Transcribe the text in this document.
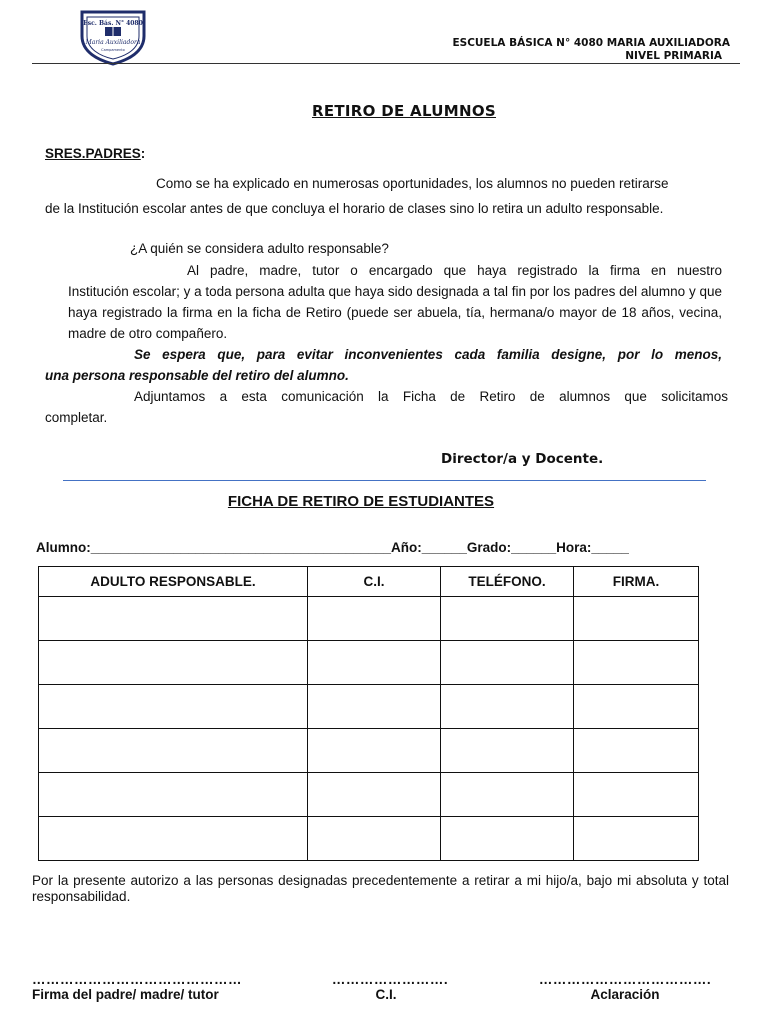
Esc. Bás. N° 4080
Maria Auxiliadora
Campamento
ESCUELA BÁSICA N° 4080 MARIA AUXILIADORA
NIVEL PRIMARIA
RETIRO DE ALUMNOS
SRES.PADRES:
Como se ha explicado en numerosas oportunidades, los alumnos no pueden retirarse
de la Institución escolar antes de que concluya el horario de clases sino lo retira un adulto responsable.
¿A quién se considera adulto responsable?
Al padre, madre, tutor o encargado que haya registrado la firma en nuestro
Institución escolar; y a toda persona adulta que haya sido designada a tal fin por los padres del alumno y que haya registrado la firma en la ficha de Retiro (puede ser abuela, tía, hermana/o mayor de 18 años, vecina, madre de otro compañero.
Se espera que, para evitar inconvenientes cada familia designe, por lo menos,
una persona responsable del retiro del alumno.
Adjuntamos a esta comunicación la Ficha de Retiro de alumnos que solicitamos
completar.
Director/a y Docente.
FICHA DE RETIRO DE ESTUDIANTES
Alumno:________________________________________Año:______Grado:______Hora:_____
ADULTO RESPONSABLE.	C.I.	TELÉFONO.	FIRMA.

Por la presente autorizo a las personas designadas precedentemente a retirar a mi hijo/a, bajo mi absoluta y total responsabilidad.
………………………………………
Firma del padre/ madre/ tutor
…………………….
C.I.
……………………………….
Aclaración
